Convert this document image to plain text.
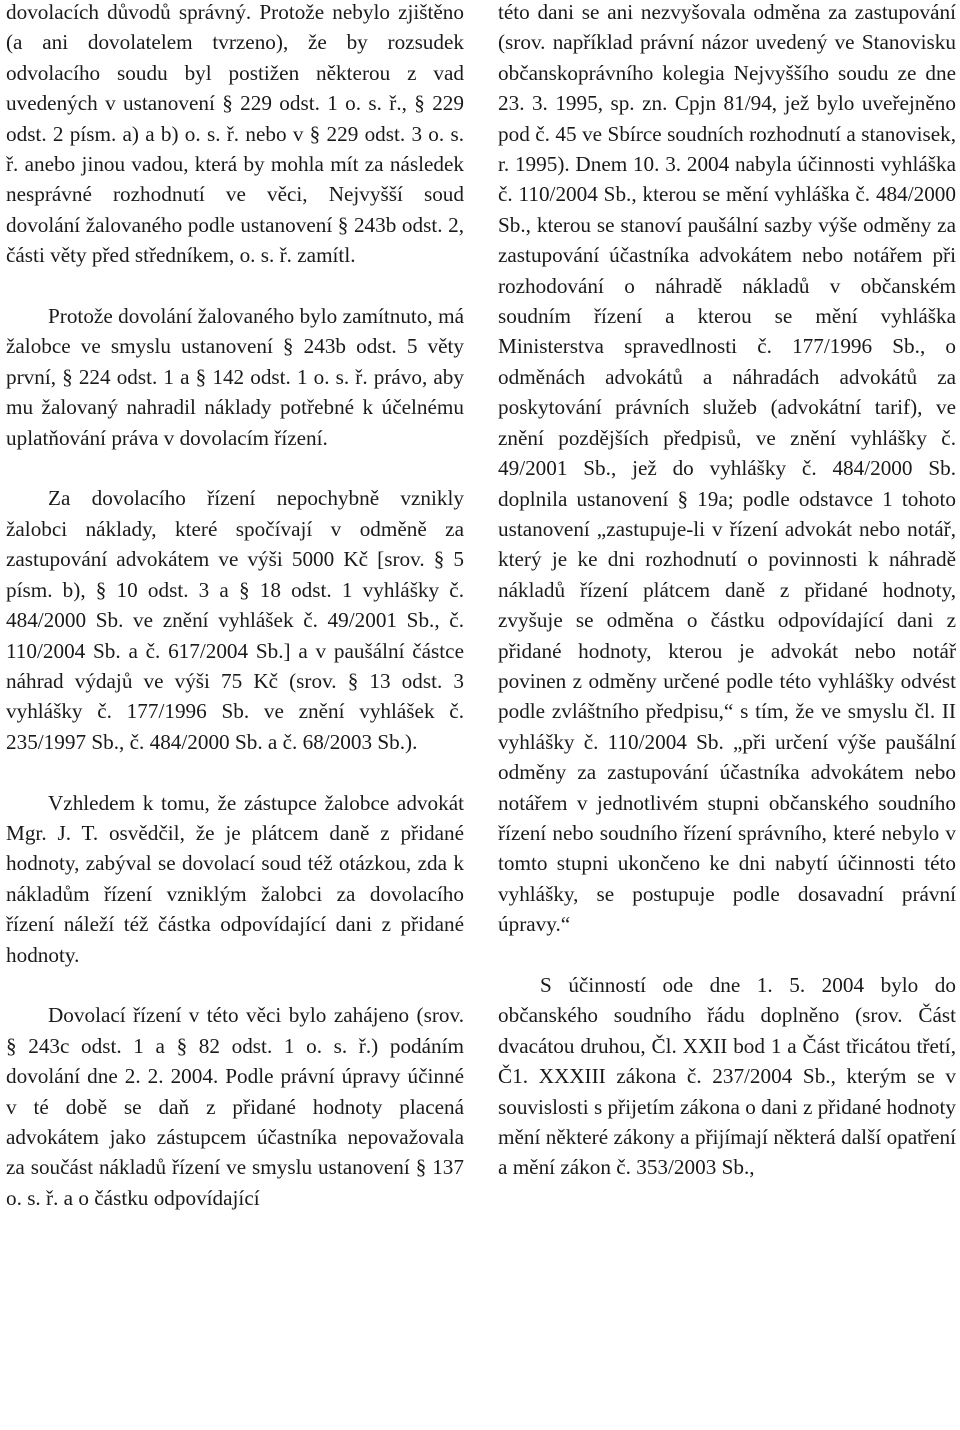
dovolacích důvodů správný. Protože nebylo zjištěno (a ani dovolatelem tvrzeno), že by rozsudek odvolacího soudu byl postižen některou z vad uvedených v ustanovení § 229 odst. 1 o. s. ř., § 229 odst. 2 písm. a) a b) o. s. ř. nebo v § 229 odst. 3 o. s. ř. anebo jinou vadou, která by mohla mít za následek nesprávné rozhodnutí ve věci, Nejvyšší soud dovolání žalovaného podle ustanovení § 243b odst. 2, části věty před středníkem, o. s. ř. zamítl.

Protože dovolání žalovaného bylo zamítnuto, má žalobce ve smyslu ustanovení § 243b odst. 5 věty první, § 224 odst. 1 a § 142 odst. 1 o. s. ř. právo, aby mu žalovaný nahradil náklady potřebné k účelnému uplatňování práva v dovolacím řízení.

Za dovolacího řízení nepochybně vznikly žalobci náklady, které spočívají v odměně za zastupování advokátem ve výši 5000 Kč [srov. § 5 písm. b), § 10 odst. 3 a § 18 odst. 1 vyhlášky č. 484/2000 Sb. ve znění vyhlášek č. 49/2001 Sb., č. 110/2004 Sb. a č. 617/2004 Sb.] a v paušální částce náhrad výdajů ve výši 75 Kč (srov. § 13 odst. 3 vyhlášky č. 177/1996 Sb. ve znění vyhlášek č. 235/1997 Sb., č. 484/2000 Sb. a č. 68/2003 Sb.).

Vzhledem k tomu, že zástupce žalobce advokát Mgr. J. T. osvědčil, že je plátcem daně z přidané hodnoty, zabýval se dovolací soud též otázkou, zda k nákladům řízení vzniklým žalobci za dovolacího řízení náleží též částka odpovídající dani z přidané hodnoty.

Dovolací řízení v této věci bylo zahájeno (srov. § 243c odst. 1 a § 82 odst. 1 o. s. ř.) podáním dovolání dne 2. 2. 2004. Podle právní úpravy účinné v té době se daň z přidané hodnoty placená advokátem jako zástupcem účastníka nepovažovala za součást nákladů řízení ve smyslu ustanovení § 137 o. s. ř. a o částku odpovídající

této dani se ani nezvyšovala odměna za zastupování (srov. například právní názor uvedený ve Stanovisku občanskoprávního kolegia Nejvyššího soudu ze dne 23. 3. 1995, sp. zn. Cpjn 81/94, jež bylo uveřejněno pod č. 45 ve Sbírce soudních rozhodnutí a stanovisek, r. 1995). Dnem 10. 3. 2004 nabyla účinnosti vyhláška č. 110/2004 Sb., kterou se mění vyhláška č. 484/2000 Sb., kterou se stanoví paušální sazby výše odměny za zastupování účastníka advokátem nebo notářem při rozhodování o náhradě nákladů v občanském soudním řízení a kterou se mění vyhláška Ministerstva spravedlnosti č. 177/1996 Sb., o odměnách advokátů a náhradách advokátů za poskytování právních služeb (advokátní tarif), ve znění pozdějších předpisů, ve znění vyhlášky č. 49/2001 Sb., jež do vyhlášky č. 484/2000 Sb. doplnila ustanovení § 19a; podle odstavce 1 tohoto ustanovení „zastupuje-li v řízení advokát nebo notář, který je ke dni rozhodnutí o povinnosti k náhradě nákladů řízení plátcem daně z přidané hodnoty, zvyšuje se odměna o částku odpovídající dani z přidané hodnoty, kterou je advokát nebo notář povinen z odměny určené podle této vyhlášky odvést podle zvláštního předpisu,“ s tím, že ve smyslu čl. II vyhlášky č. 110/2004 Sb. „při určení výše paušální odměny za zastupování účastníka advokátem nebo notářem v jednotlivém stupni občanského soudního řízení nebo soudního řízení správního, které nebylo v tomto stupni ukončeno ke dni nabytí účinnosti této vyhlášky, se postupuje podle dosavadní právní úpravy.“

S účinností ode dne 1. 5. 2004 bylo do občanského soudního řádu doplněno (srov. Část dvacátou druhou, Čl. XXII bod 1 a Část třicátou třetí, Č1. XXXIII zákona č. 237/2004 Sb., kterým se v souvislosti s přijetím zákona o dani z přidané hodnoty mění některé zákony a přijímají některá další opatření a mění zákon č. 353/2003 Sb.,
